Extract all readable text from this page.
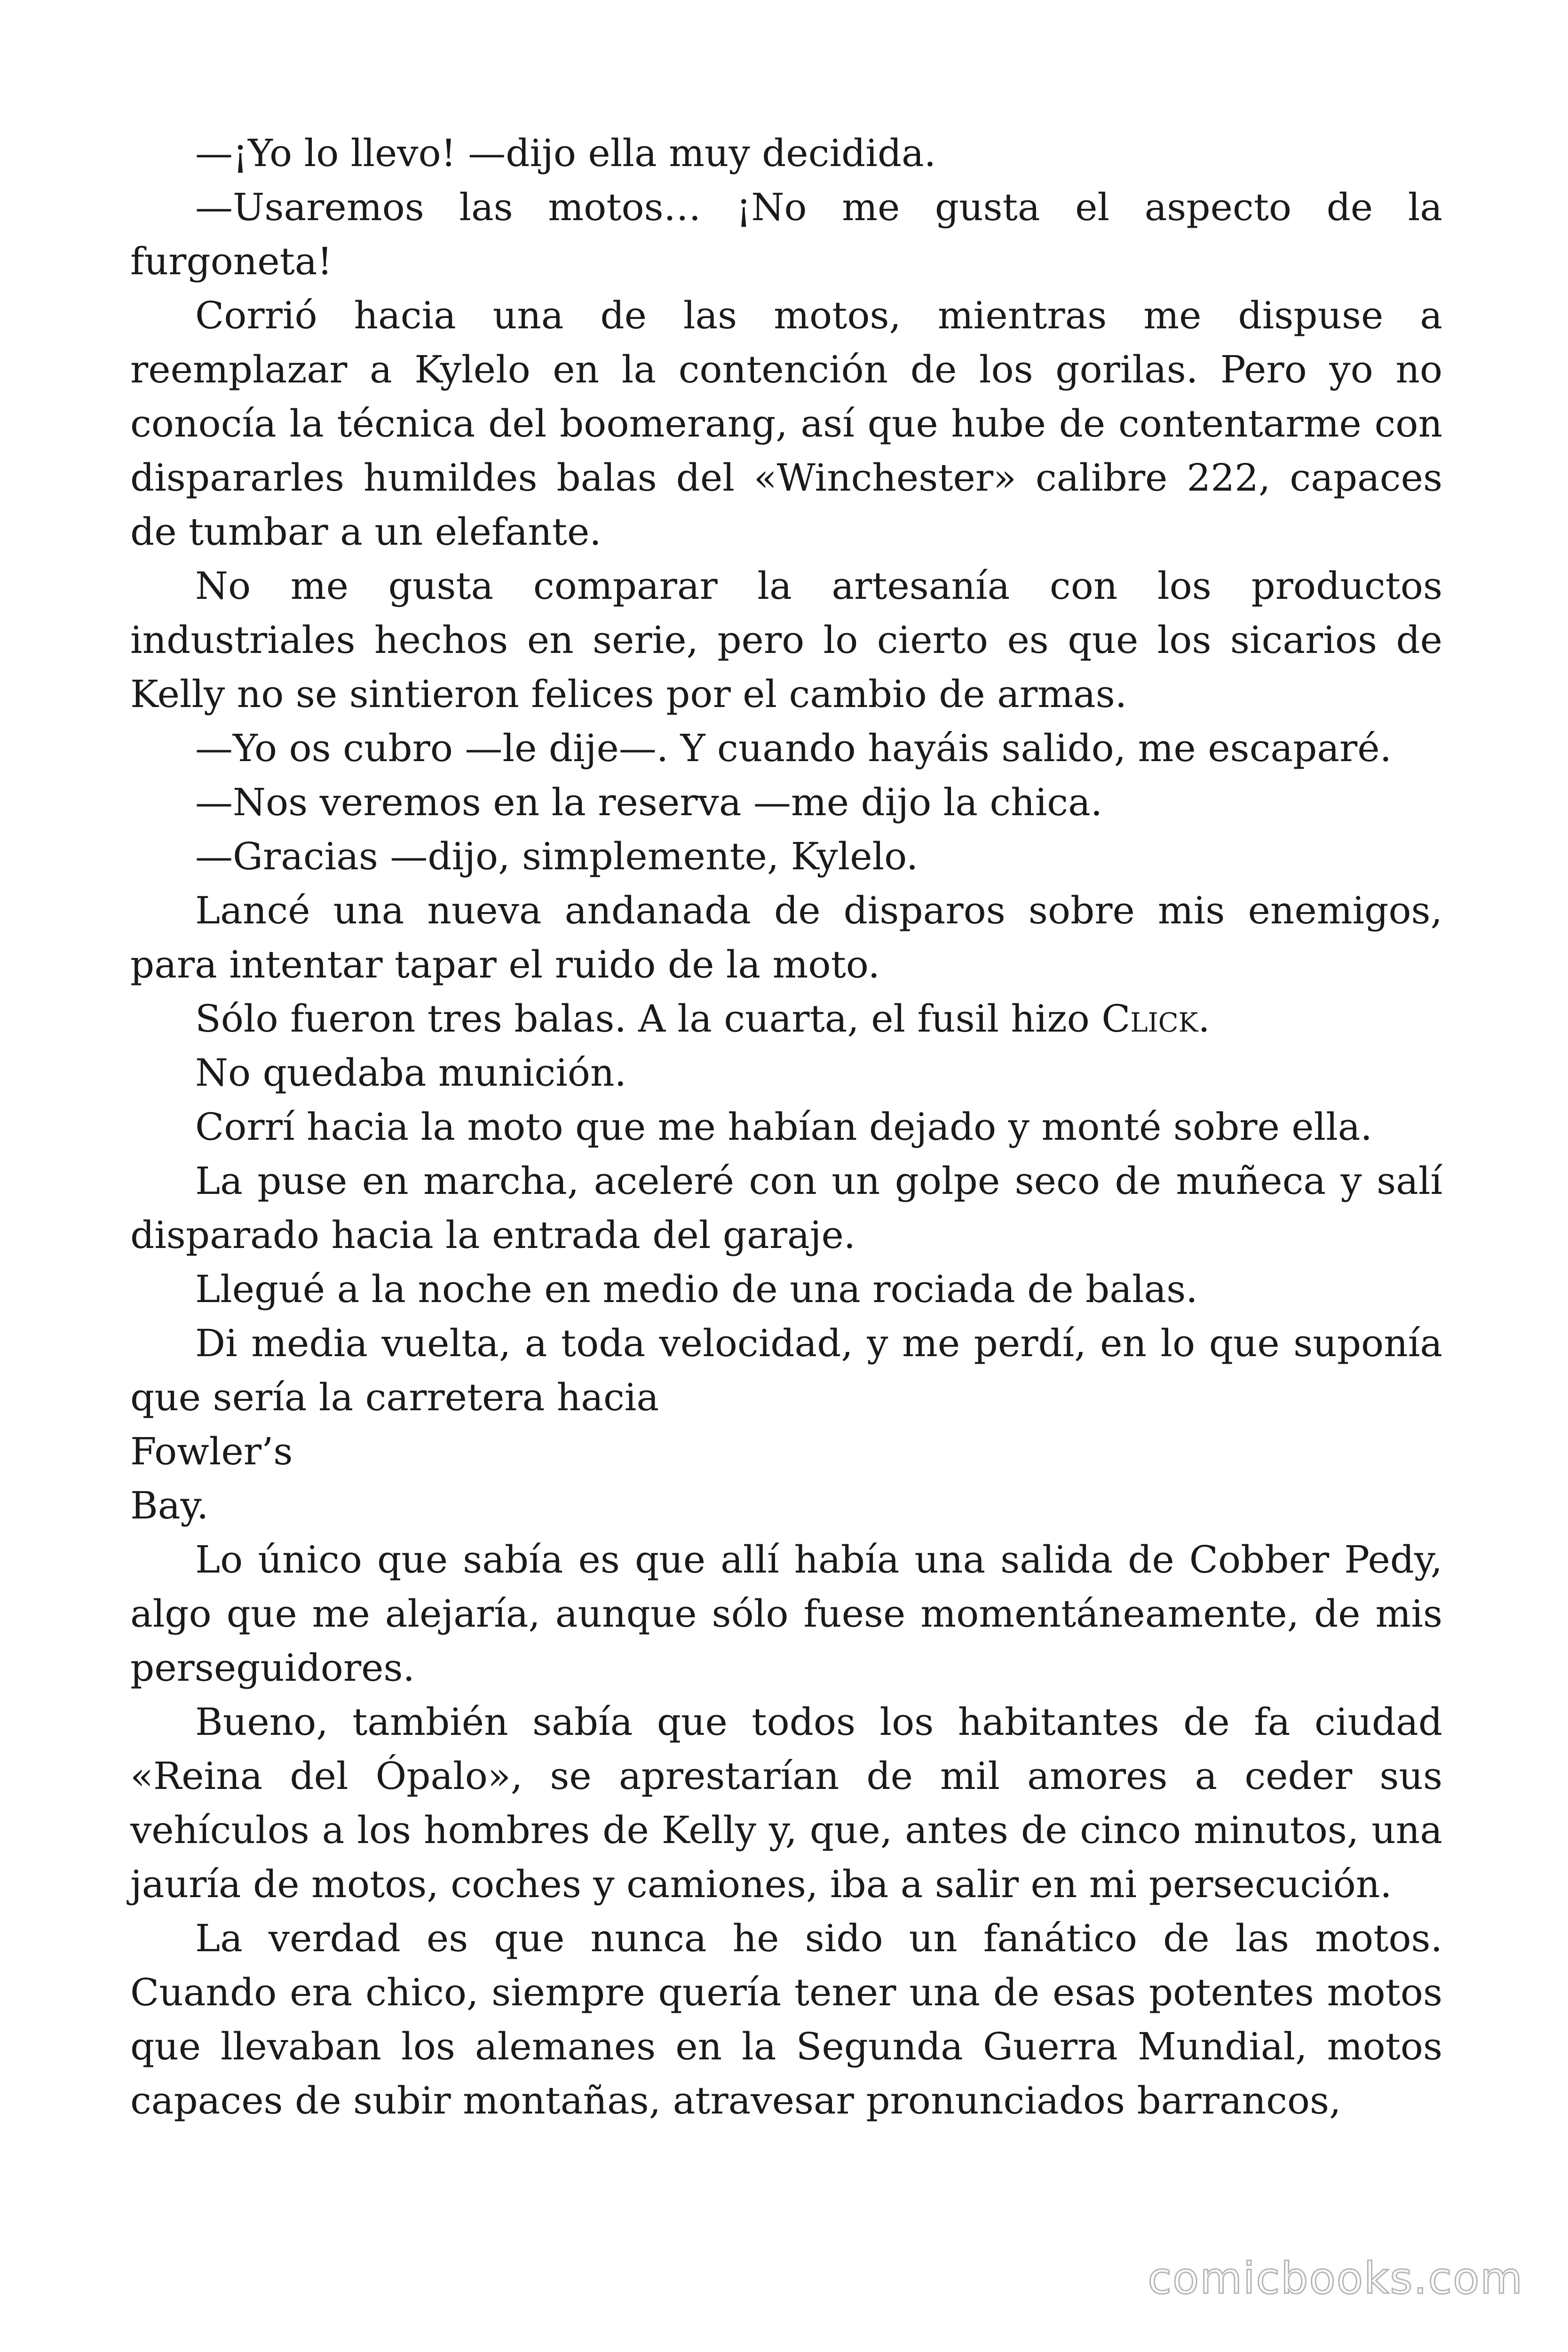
—¡Yo lo llevo! —dijo ella muy decidida.

—Usaremos las motos… ¡No me gusta el aspecto de la furgoneta!

Corrió hacia una de las motos, mientras me dispuse a reemplazar a Kylelo en la contención de los gorilas. Pero yo no conocía la técnica del boomerang, así que hube de contentarme con dispararles humildes balas del «Winchester» calibre 222, capaces de tumbar a un elefante.

No me gusta comparar la artesanía con los productos industriales hechos en serie, pero lo cierto es que los sicarios de Kelly no se sintieron felices por el cambio de armas.

—Yo os cubro —le dije—. Y cuando hayáis salido, me escaparé.

—Nos veremos en la reserva —me dijo la chica.

—Gracias —dijo, simplemente, Kylelo.

Lancé una nueva andanada de disparos sobre mis enemigos, para intentar tapar el ruido de la moto.

Sólo fueron tres balas. A la cuarta, el fusil hizo Click.

No quedaba munición.

Corrí hacia la moto que me habían dejado y monté sobre ella.

La puse en marcha, aceleré con un golpe seco de muñeca y salí disparado hacia la entrada del garaje.

Llegué a la noche en medio de una rociada de balas.

Di media vuelta, a toda velocidad, y me perdí, en lo que suponía que sería la carretera hacia

Fowler’s

Bay.

Lo único que sabía es que allí había una salida de Cobber Pedy, algo que me alejaría, aunque sólo fuese momentáneamente, de mis perseguidores.

Bueno, también sabía que todos los habitantes de fa ciudad «Reina del Ópalo», se aprestarían de mil amores a ceder sus vehículos a los hombres de Kelly y, que, antes de cinco minutos, una jauría de motos, coches y camiones, iba a salir en mi persecución.

La verdad es que nunca he sido un fanático de las motos. Cuando era chico, siempre quería tener una de esas potentes motos que llevaban los alemanes en la Segunda Guerra Mundial, motos capaces de subir montañas, atravesar pronunciados barrancos,

comicbooks.com
